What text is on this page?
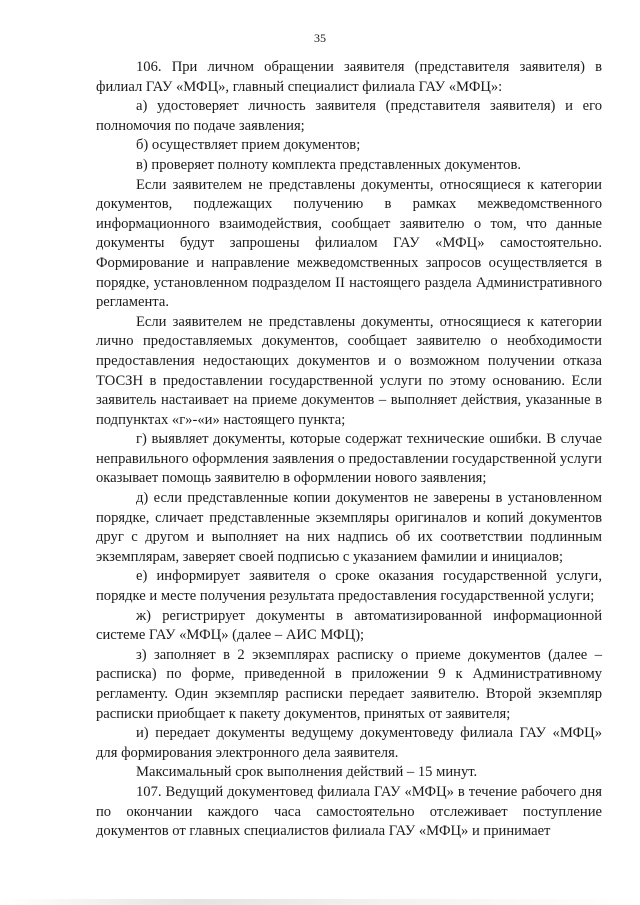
35

106. При личном обращении заявителя (представителя заявителя) в филиал ГАУ «МФЦ», главный специалист филиала ГАУ «МФЦ»:

а) удостоверяет личность заявителя (представителя заявителя) и его полномочия по подаче заявления;

б) осуществляет прием документов;

в) проверяет полноту комплекта представленных документов.

Если заявителем не представлены документы, относящиеся к категории документов, подлежащих получению в рамках межведомственного информационного взаимодействия, сообщает заявителю о том, что данные документы будут запрошены филиалом ГАУ «МФЦ» самостоятельно. Формирование и направление межведомственных запросов осуществляется в порядке, установленном подразделом II настоящего раздела Административного регламента.

Если заявителем не представлены документы, относящиеся к категории лично предоставляемых документов, сообщает заявителю о необходимости предоставления недостающих документов и о возможном получении отказа ТОСЗН в предоставлении государственной услуги по этому основанию. Если заявитель настаивает на приеме документов – выполняет действия, указанные в подпунктах «г»-«и» настоящего пункта;

г) выявляет документы, которые содержат технические ошибки. В случае неправильного оформления заявления о предоставлении государственной услуги оказывает помощь заявителю в оформлении нового заявления;

д) если представленные копии документов не заверены в установленном порядке, сличает представленные экземпляры оригиналов и копий документов друг с другом и выполняет на них надпись об их соответствии подлинным экземплярам, заверяет своей подписью с указанием фамилии и инициалов;

е) информирует заявителя о сроке оказания государственной услуги, порядке и месте получения результата предоставления государственной услуги;

ж) регистрирует документы в автоматизированной информационной системе ГАУ «МФЦ» (далее – АИС МФЦ);

з) заполняет в 2 экземплярах расписку о приеме документов (далее – расписка) по форме, приведенной в приложении 9 к Административному регламенту. Один экземпляр расписки передает заявителю. Второй экземпляр расписки приобщает к пакету документов, принятых от заявителя;

и) передает документы ведущему документоведу филиала ГАУ «МФЦ» для формирования электронного дела заявителя.

Максимальный срок выполнения действий – 15 минут.

107. Ведущий документовед филиала ГАУ «МФЦ» в течение рабочего дня по окончании каждого часа самостоятельно отслеживает поступление документов от главных специалистов филиала ГАУ «МФЦ» и принимает
